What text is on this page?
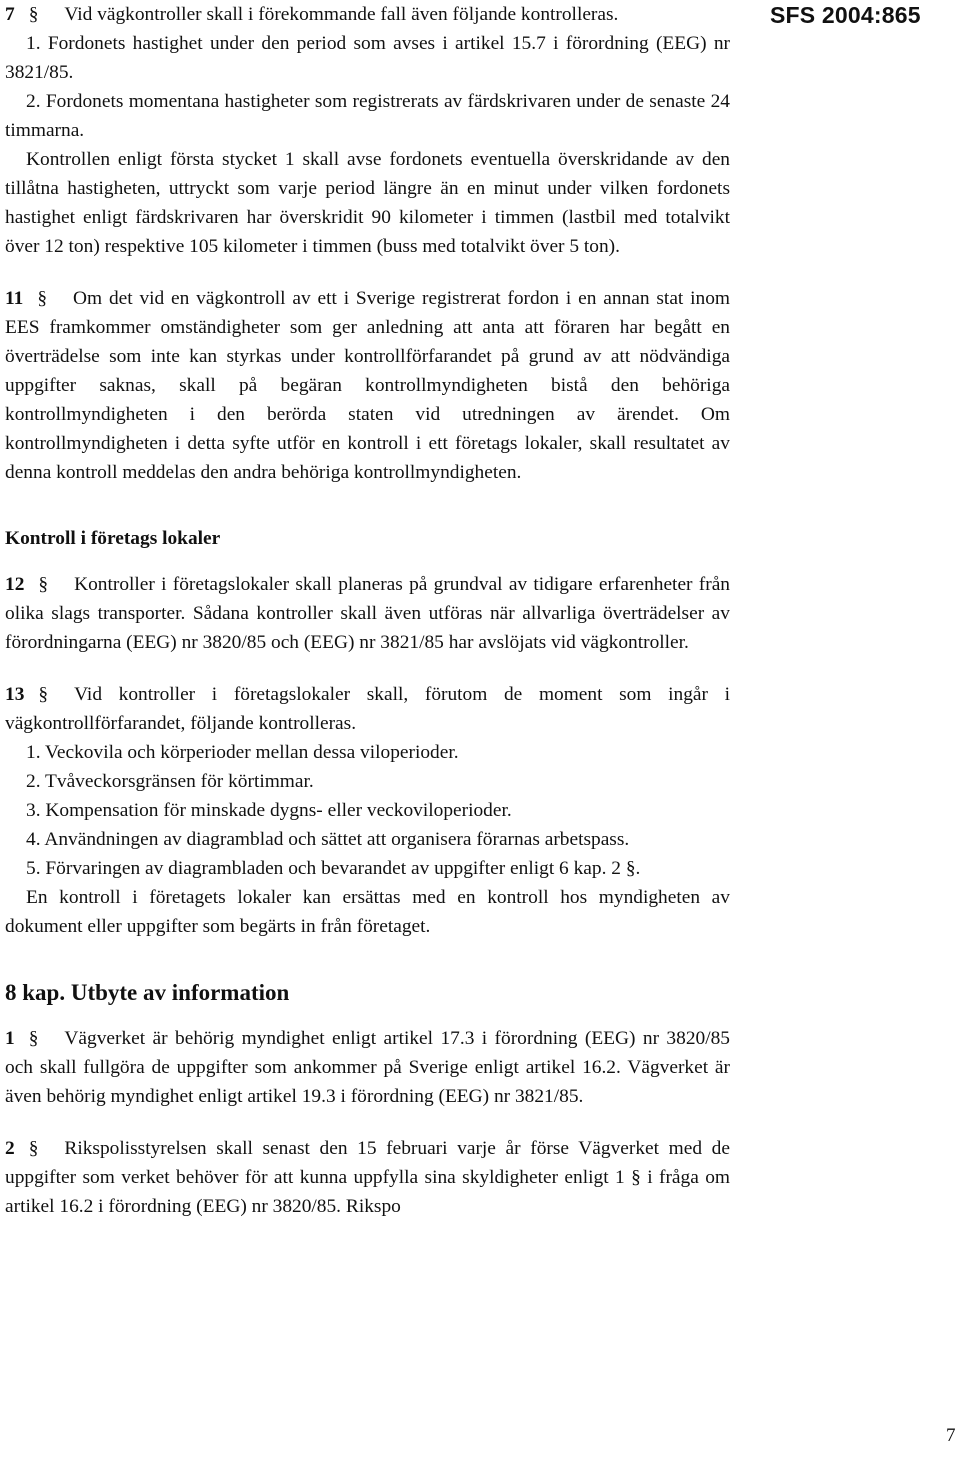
SFS 2004:865

7 § Vid vägkontroller skall i förekommande fall även följande kontrolleras.

1. Fordonets hastighet under den period som avses i artikel 15.7 i förordning (EEG) nr 3821/85.

2. Fordonets momentana hastigheter som registrerats av färdskrivaren under de senaste 24 timmarna.

Kontrollen enligt första stycket 1 skall avse fordonets eventuella överskridande av den tillåtna hastigheten, uttryckt som varje period längre än en minut under vilken fordonets hastighet enligt färdskrivaren har överskridit 90 kilometer i timmen (lastbil med totalvikt över 12 ton) respektive 105 kilometer i timmen (buss med totalvikt över 5 ton).

11 § Om det vid en vägkontroll av ett i Sverige registrerat fordon i en annan stat inom EES framkommer omständigheter som ger anledning att anta att föraren har begått en överträdelse som inte kan styrkas under kontrollförfarandet på grund av att nödvändiga uppgifter saknas, skall på begäran kontrollmyndigheten bistå den behöriga kontrollmyndigheten i den berörda staten vid utredningen av ärendet. Om kontrollmyndigheten i detta syfte utför en kontroll i ett företags lokaler, skall resultatet av denna kontroll meddelas den andra behöriga kontrollmyndigheten.

Kontroll i företags lokaler

12 § Kontroller i företagslokaler skall planeras på grundval av tidigare erfarenheter från olika slags transporter. Sådana kontroller skall även utföras när allvarliga överträdelser av förordningarna (EEG) nr 3820/85 och (EEG) nr 3821/85 har avslöjats vid vägkontroller.

13 § Vid kontroller i företagslokaler skall, förutom de moment som ingår i vägkontrollförfarandet, följande kontrolleras.

1. Veckovila och körperioder mellan dessa viloperioder.

2. Tvåveckorsgränsen för körtimmar.

3. Kompensation för minskade dygns- eller veckoviloperioder.

4. Användningen av diagramblad och sättet att organisera förarnas arbetspass.

5. Förvaringen av diagrambladen och bevarandet av uppgifter enligt 6 kap. 2 §.

En kontroll i företagets lokaler kan ersättas med en kontroll hos myndigheten av dokument eller uppgifter som begärts in från företaget.

8 kap. Utbyte av information

1 § Vägverket är behörig myndighet enligt artikel 17.3 i förordning (EEG) nr 3820/85 och skall fullgöra de uppgifter som ankommer på Sverige enligt artikel 16.2. Vägverket är även behörig myndighet enligt artikel 19.3 i förordning (EEG) nr 3821/85.

2 § Rikspolisstyrelsen skall senast den 15 februari varje år förse Vägverket med de uppgifter som verket behöver för att kunna uppfylla sina skyldigheter enligt 1 § i fråga om artikel 16.2 i förordning (EEG) nr 3820/85. Rikspo

7
